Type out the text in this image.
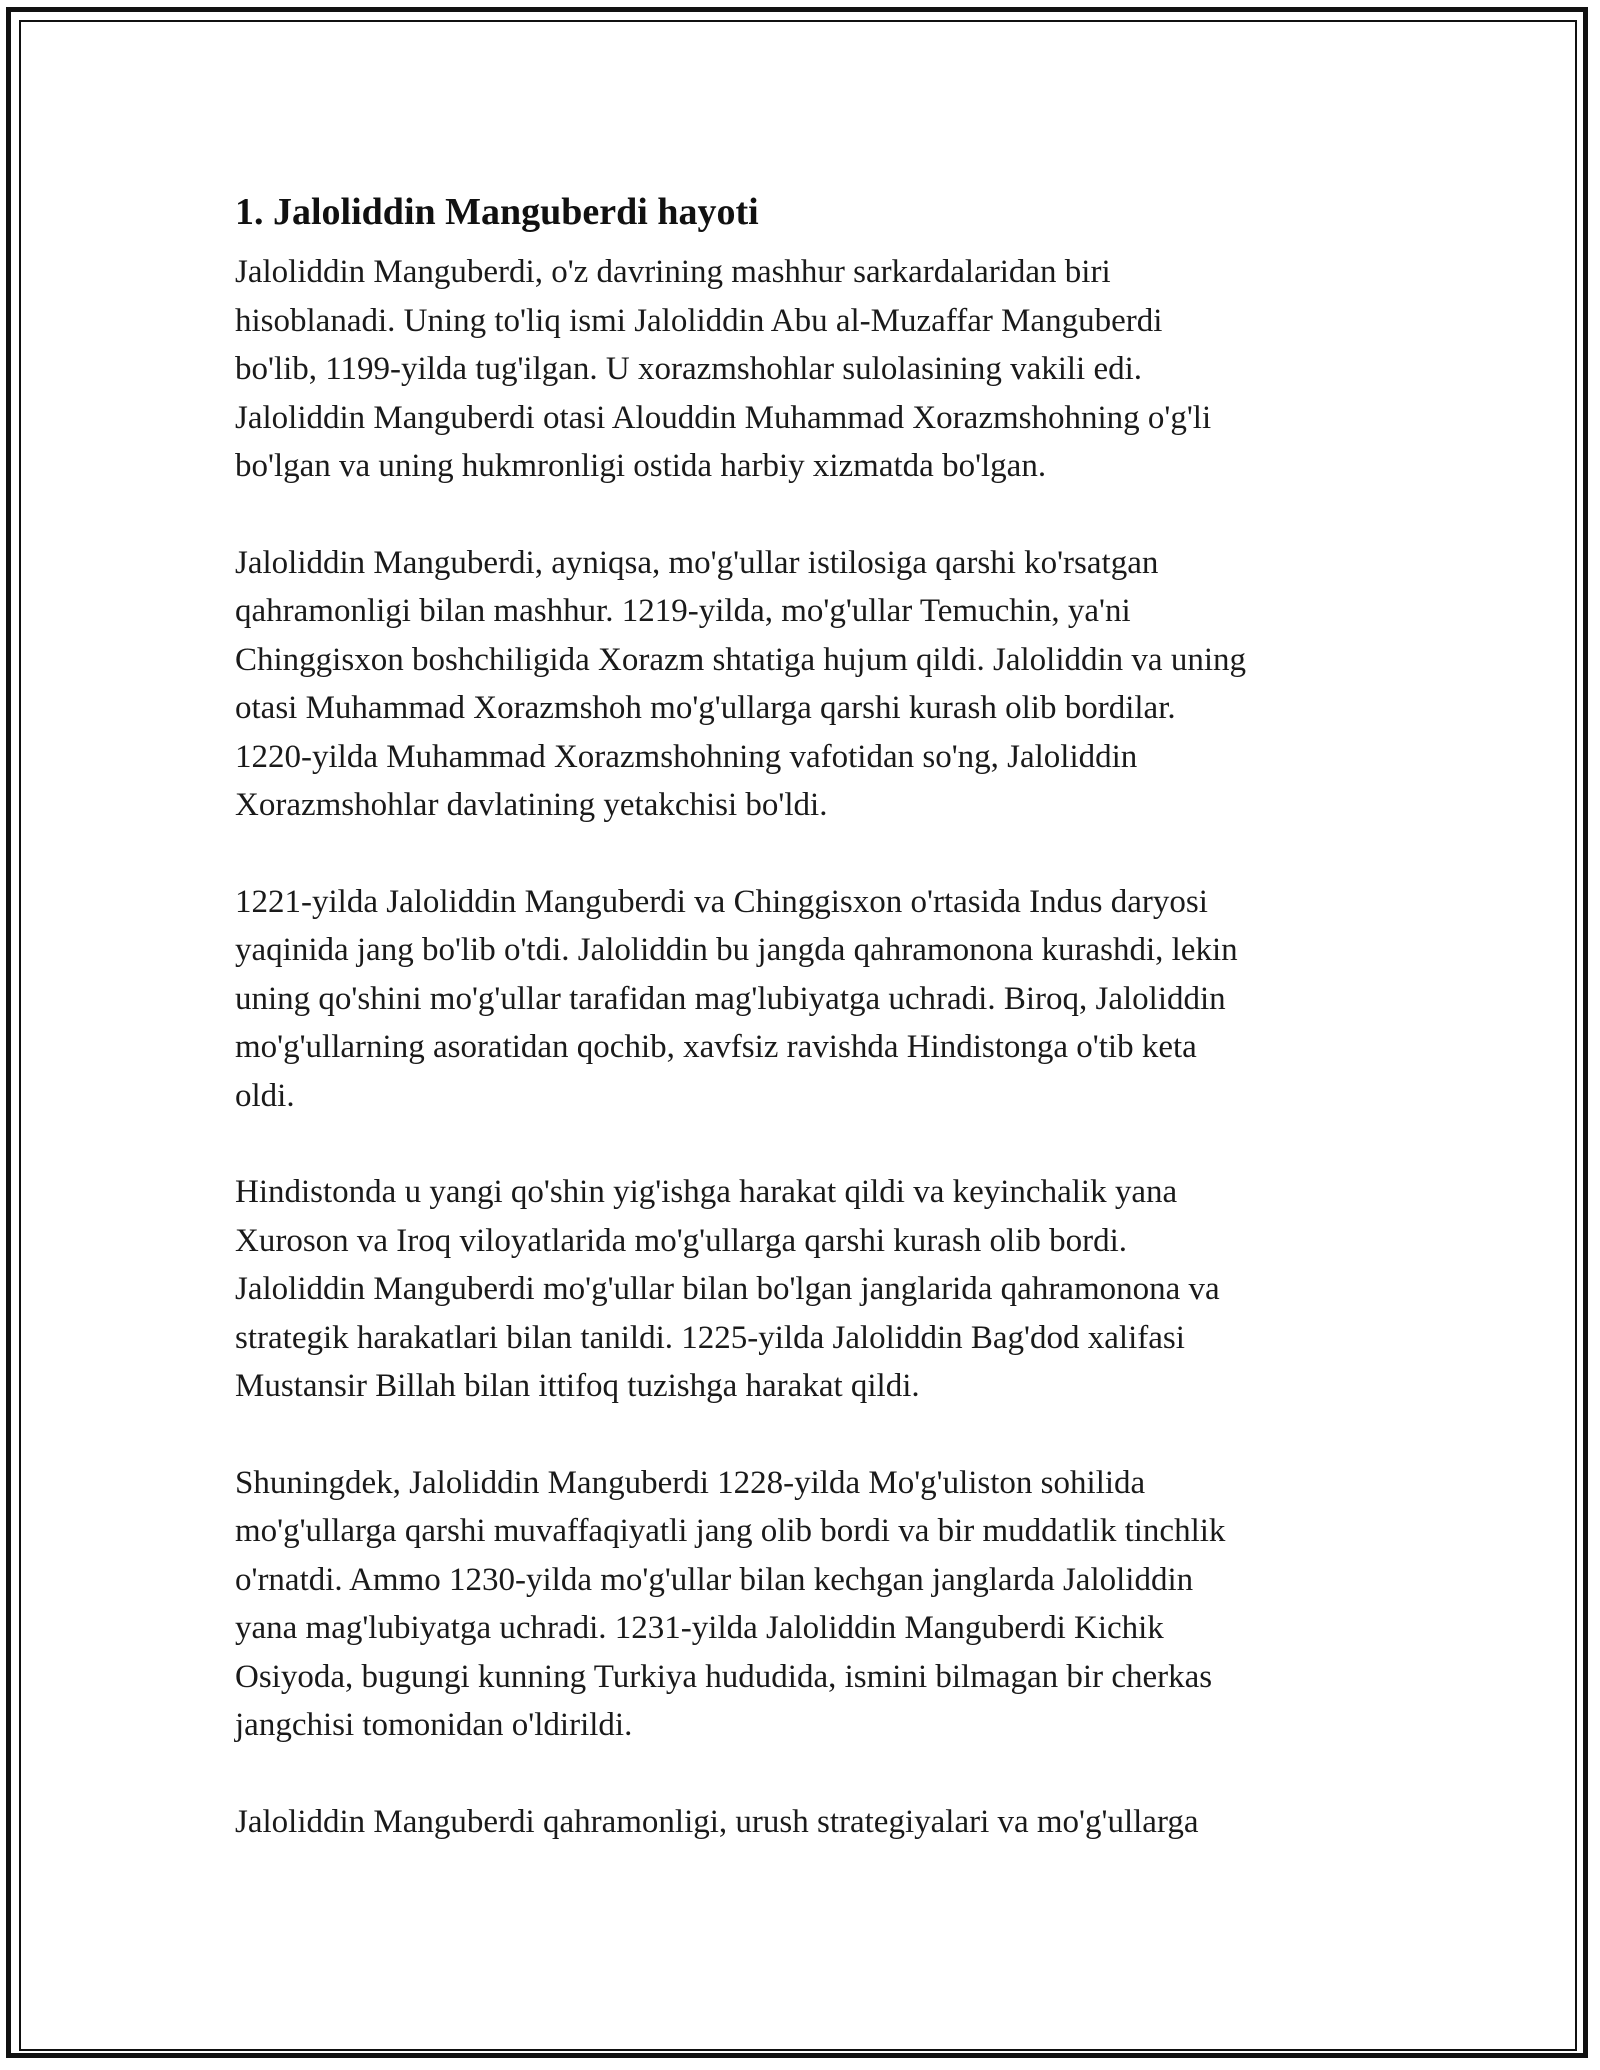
1. Jaloliddin Manguberdi hayoti

Jaloliddin Manguberdi, o'z davrining mashhur sarkardalaridan biri
hisoblanadi. Uning to'liq ismi Jaloliddin Abu al-Muzaffar Manguberdi
bo'lib, 1199-yilda tug'ilgan. U xorazmshohlar sulolasining vakili edi.
Jaloliddin Manguberdi otasi Alouddin Muhammad Xorazmshohning o'g'li
bo'lgan va uning hukmronligi ostida harbiy xizmatda bo'lgan.

Jaloliddin Manguberdi, ayniqsa, mo'g'ullar istilosiga qarshi ko'rsatgan
qahramonligi bilan mashhur. 1219-yilda, mo'g'ullar Temuchin, ya'ni
Chinggisxon boshchiligida Xorazm shtatiga hujum qildi. Jaloliddin va uning
otasi Muhammad Xorazmshoh mo'g'ullarga qarshi kurash olib bordilar.
1220-yilda Muhammad Xorazmshohning vafotidan so'ng, Jaloliddin
Xorazmshohlar davlatining yetakchisi bo'ldi.

1221-yilda Jaloliddin Manguberdi va Chinggisxon o'rtasida Indus daryosi
yaqinida jang bo'lib o'tdi. Jaloliddin bu jangda qahramonona kurashdi, lekin
uning qo'shini mo'g'ullar tarafidan mag'lubiyatga uchradi. Biroq, Jaloliddin
mo'g'ullarning asoratidan qochib, xavfsiz ravishda Hindistonga o'tib keta
oldi.

Hindistonda u yangi qo'shin yig'ishga harakat qildi va keyinchalik yana
Xuroson va Iroq viloyatlarida mo'g'ullarga qarshi kurash olib bordi.
Jaloliddin Manguberdi mo'g'ullar bilan bo'lgan janglarida qahramonona va
strategik harakatlari bilan tanildi. 1225-yilda Jaloliddin Bag'dod xalifasi
Mustansir Billah bilan ittifoq tuzishga harakat qildi.

Shuningdek, Jaloliddin Manguberdi 1228-yilda Mo'g'uliston sohilida
mo'g'ullarga qarshi muvaffaqiyatli jang olib bordi va bir muddatlik tinchlik
o'rnatdi. Ammo 1230-yilda mo'g'ullar bilan kechgan janglarda Jaloliddin
yana mag'lubiyatga uchradi. 1231-yilda Jaloliddin Manguberdi Kichik
Osiyoda, bugungi kunning Turkiya hududida, ismini bilmagan bir cherkas
jangchisi tomonidan o'ldirildi.

Jaloliddin Manguberdi qahramonligi, urush strategiyalari va mo'g'ullarga
